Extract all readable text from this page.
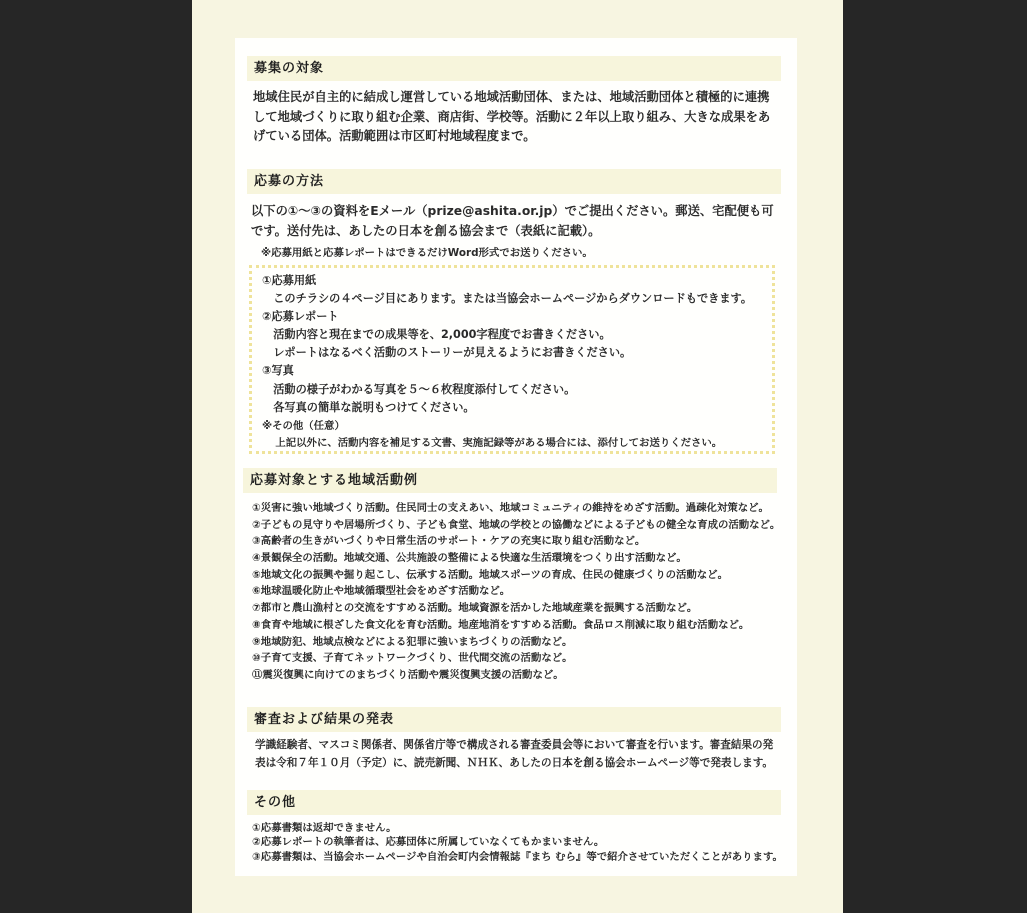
募集の対象
地域住民が自主的に結成し運営している地域活動団体、または、地域活動団体と積極的に連携
して地域づくりに取り組む企業、商店街、学校等。活動に２年以上取り組み、大きな成果をあ
げている団体。活動範囲は市区町村地域程度まで。
応募の方法
以下の①〜③の資料をEメール（prize@ashita.or.jp）でご提出ください。郵送、宅配便も可
です。送付先は、あしたの日本を創る協会まで（表紙に記載）。
※応募用紙と応募レポートはできるだけWord形式でお送りください。
①応募用紙
　このチラシの４ページ目にあります。または当協会ホームページからダウンロードもできます。
②応募レポート
　活動内容と現在までの成果等を、2,000字程度でお書きください。
　レポートはなるべく活動のストーリーが見えるようにお書きください。
③写真
　活動の様子がわかる写真を５〜６枚程度添付してください。
　各写真の簡単な説明もつけてください。
※その他（任意）
　上記以外に、活動内容を補足する文書、実施記録等がある場合には、添付してお送りください。
応募対象とする地域活動例
①災害に強い地域づくり活動。住民同士の支えあい、地域コミュニティの維持をめざす活動。過疎化対策など。
②子どもの見守りや居場所づくり、子ども食堂、地域の学校との協働などによる子どもの健全な育成の活動など。
③高齢者の生きがいづくりや日常生活のサポート・ケアの充実に取り組む活動など。
④景観保全の活動。地域交通、公共施設の整備による快適な生活環境をつくり出す活動など。
⑤地域文化の振興や掘り起こし、伝承する活動。地域スポーツの育成、住民の健康づくりの活動など。
⑥地球温暖化防止や地域循環型社会をめざす活動など。
⑦都市と農山漁村との交流をすすめる活動。地域資源を活かした地域産業を振興する活動など。
⑧食育や地域に根ざした食文化を育む活動。地産地消をすすめる活動。食品ロス削減に取り組む活動など。
⑨地域防犯、地域点検などによる犯罪に強いまちづくりの活動など。
⑩子育て支援、子育てネットワークづくり、世代間交流の活動など。
⑪震災復興に向けてのまちづくり活動や震災復興支援の活動など。
審査および結果の発表
学識経験者、マスコミ関係者、関係省庁等で構成される審査委員会等において審査を行います。審査結果の発
表は令和７年１０月（予定）に、読売新聞、ＮＨＫ、あしたの日本を創る協会ホームページ等で発表します。
その他
①応募書類は返却できません。
②応募レポートの執筆者は、応募団体に所属していなくてもかまいません。
③応募書類は、当協会ホームページや自治会町内会情報誌『まち むら』等で紹介させていただくことがあります。
